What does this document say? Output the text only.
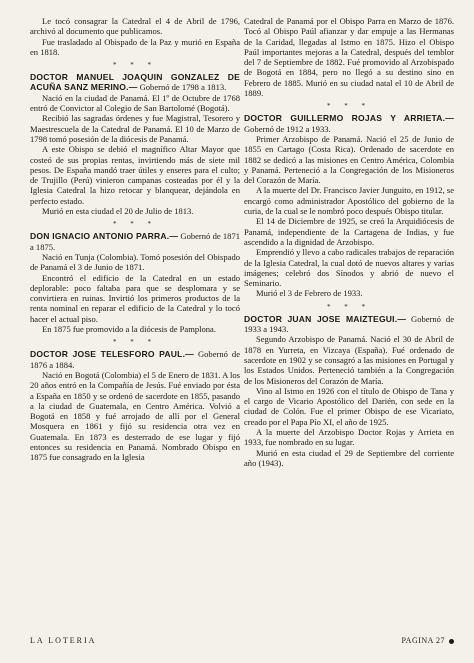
Le tocó consagrar la Catedral el 4 de Abril de 1796, archivó al documento que publicamos.

Fue trasladado al Obispado de la Paz y murió en España en 1818.

* * *
DOCTOR MANUEL JOAQUIN GONZALEZ DE ACUÑA SANZ MERINO.— Gobernó de 1798 a 1813.

Nació en la ciudad de Panamá. El 1º de Octubre de 1768 entró de Convictor al Colegio de San Bartolomé (Bogotá).

Recibió las sagradas órdenes y fue Magistral, Tesorero y Maestrescuela de la Catedral de Panamá. El 10 de Marzo de 1798 tomó posesión de la diócesis de Panamá.

A este Obispo se debió el magnífico Altar Mayor que costeó de sus propias rentas, invirtiendo más de siete mil pesos. De España mandó traer útiles y enseres para el culto; de Trujillo (Perú) vinieron campanas costeadas por él y la Iglesia Catedral la hizo retocar y blanquear, dejándola en perfecto estado.

Murió en esta ciudad el 20 de Julio de 1813.

* * *
DON IGNACIO ANTONIO PARRA.— Gobernó de 1871 a 1875.

Nació en Tunja (Colombia). Tomó posesión del Obispado de Panamá el 3 de Junio de 1871.

Encontró el edificio de la Catedral en un estado deplorable: poco faltaba para que se desplomara y se convirtiera en ruinas. Invirtió los primeros productos de la renta nominal en reparar el edificio de la Catedral y lo tocó hacer el actual piso.

En 1875 fue promovido a la diócesis de Pamplona.

* * *
DOCTOR JOSE TELESFORO PAUL.— Gobernó de 1876 a 1884.

Nació en Bogotá (Colombia) el 5 de Enero de 1831. A los 20 años entró en la Compañía de Jesús. Fué enviado por ésta a España en 1850 y se ordenó de sacerdote en 1855, pasando a la ciudad de Guatemala, en Centro América. Volvió a Bogotá en 1858 y fué arrojado de allí por el General Mosquera en 1861 y fijó su residencia otra vez en Guatemala. En 1873 es desterrado de ese lugar y fijó entonces su residencia en Panamá. Nombrado Obispo en 1875 fue consagrado en la Iglesia

Catedral de Panamá por el Obispo Parra en Marzo de 1876. Tocó al Obispo Paúl afianzar y dar empuje a las Hermanas de la Caridad, llegadas al Istmo en 1875. Hizo el Obispo Paúl importantes mejoras a la Catedral, después del temblor del 7 de Septiembre de 1882. Fué promovido al Arzobispado de Bogotá en 1884, pero no llegó a su destino sino en Febrero de 1885. Murió en su ciudad natal el 10 de Abril de 1889.

* * *
DOCTOR GUILLERMO ROJAS Y ARRIETA.— Gobernó de 1912 a 1933.

Primer Arzobispo de Panamá. Nació el 25 de Junio de 1855 en Cartago (Costa Rica). Ordenado de sacerdote en 1882 se dedicó a las misiones en Centro América, Colombia y Panamá. Perteneció a la Congregación de los Misioneros del Corazón de María.

A la muerte del Dr. Francisco Javier Junguito, en 1912, se encargó como administrador Apostólico del gobierno de la curia, de la cual se le nombró poco después Obispo titular.

El 14 de Diciembre de 1925, se creó la Arquidiócesis de Panamá, independiente de la Cartagena de Indias, y fue ascendido a la dignidad de Arzobispo.

Emprendió y llevo a cabo radicales trabajos de reparación de la Iglesia Catedral, la cual dotó de nuevos altares y varias imágenes; celebró dos Sínodos y abrió de nuevo el Seminario.

Murió el 3 de Febrero de 1933.

* * *
DOCTOR JUAN JOSE MAIZTEGUI.— Gobernó de 1933 a 1943.

Segundo Arzobispo de Panamá. Nació el 30 de Abril de 1878 en Yurreta, en Vizcaya (España). Fué ordenado de sacerdote en 1902 y se consagró a las misiones en Portugal y los Estados Unidos. Perteneció también a la Congregación de los Misioneros del Corazón de María.

Vino al Istmo en 1926 con el título de Obispo de Tana y el cargo de Vicario Apostólico del Darién, con sede en la ciudad de Colón. Fue el primer Obispo de ese Vicariato, creado por el Papa Pío XI, el año de 1925.

A la muerte del Arzobispo Doctor Rojas y Arrieta en 1933, fue nombrado en su lugar.

Murió en esta ciudad el 29 de Septiembre del corriente año (1943).

LA LOTERIA	PAGINA 27
